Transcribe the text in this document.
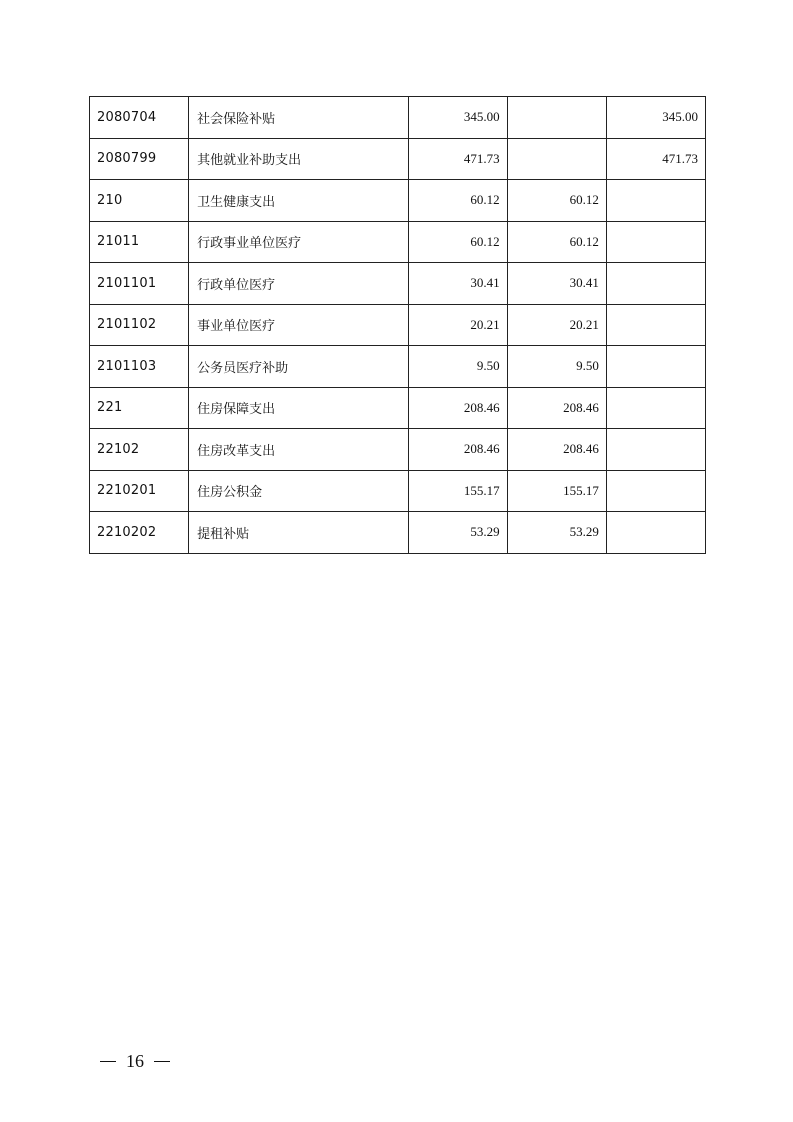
2080704	社会保险补贴	345.00		345.00
2080799	其他就业补助支出	471.73		471.73
210	卫生健康支出	60.12	60.12	
21011	行政事业单位医疗	60.12	60.12	
2101101	行政单位医疗	30.41	30.41	
2101102	事业单位医疗	20.21	20.21	
2101103	公务员医疗补助	9.50	9.50	
221	住房保障支出	208.46	208.46	
22102	住房改革支出	208.46	208.46	
2210201	住房公积金	155.17	155.17	
2210202	提租补贴	53.29	53.29	
16
